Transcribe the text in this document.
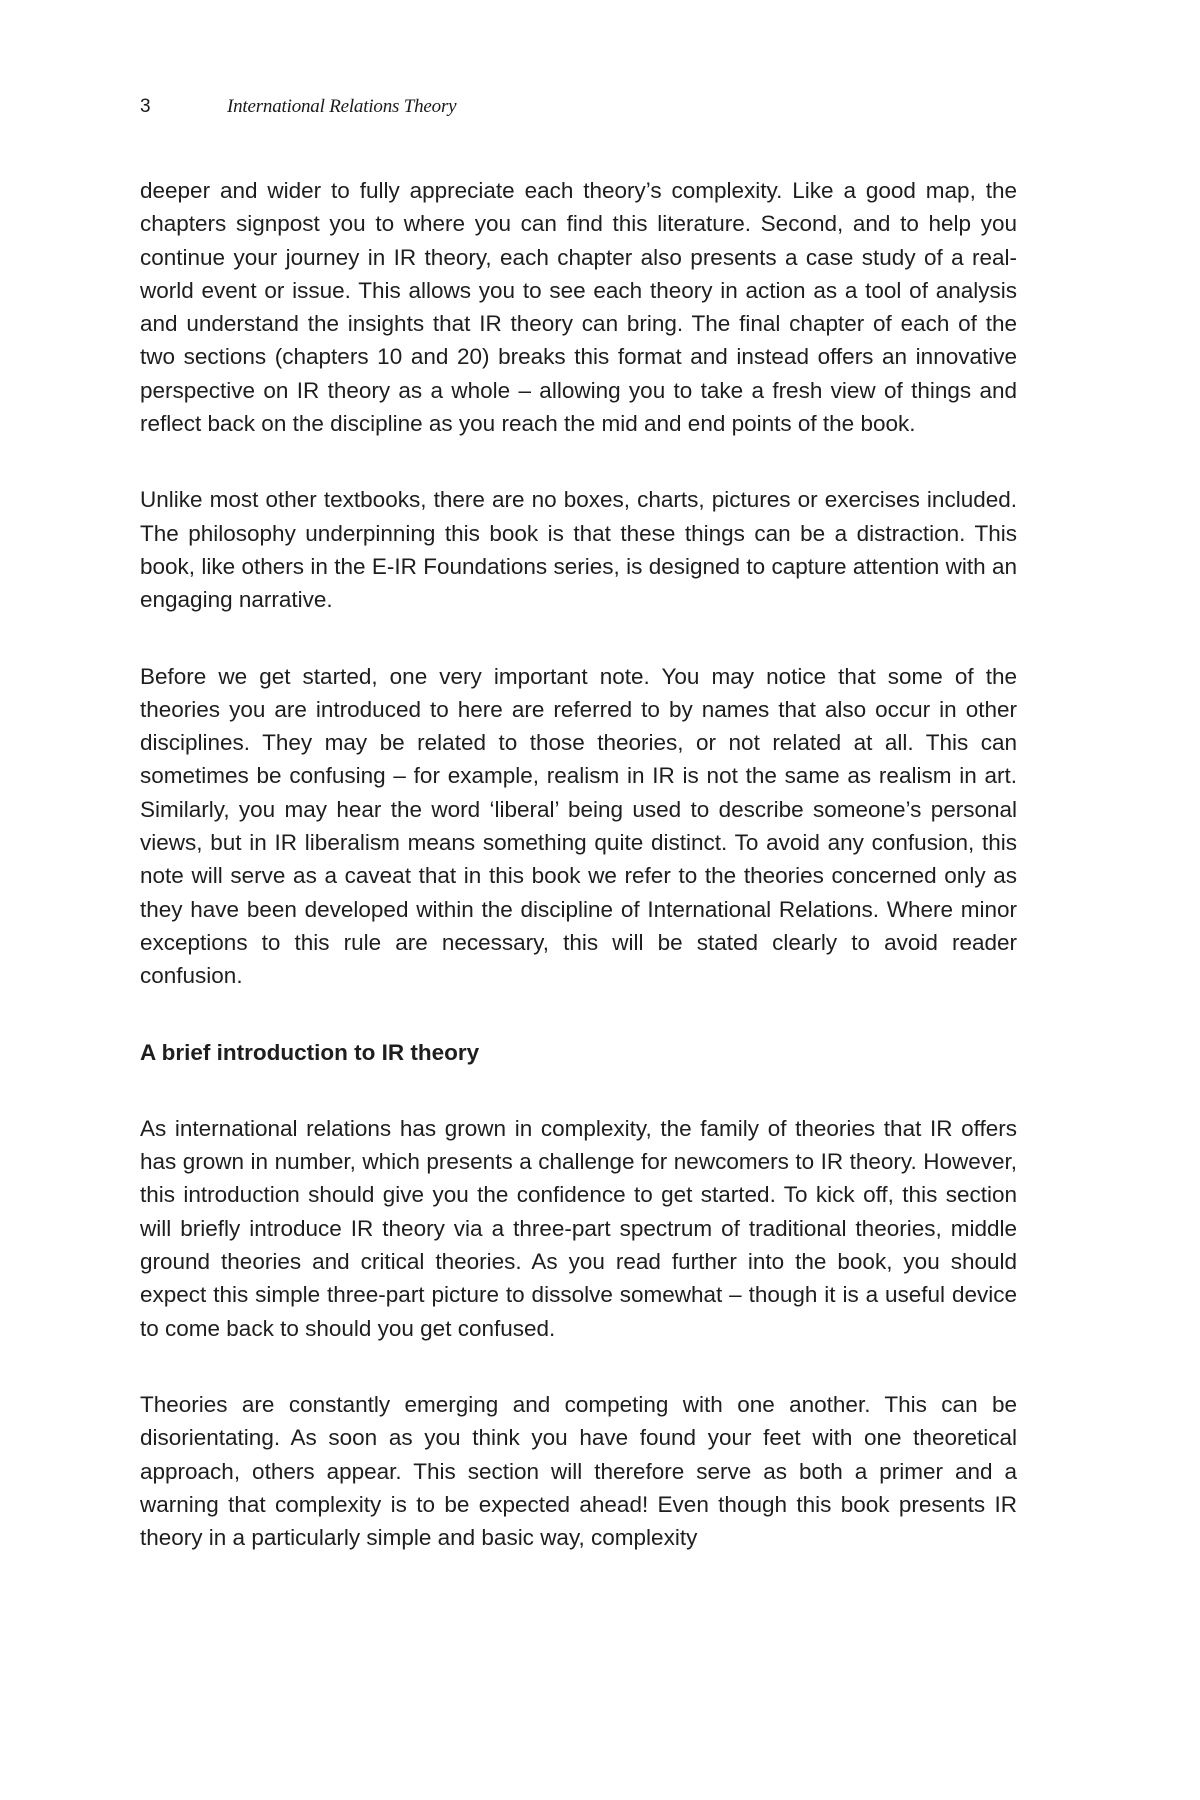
3	International Relations Theory

deeper and wider to fully appreciate each theory’s complexity. Like a good map, the chapters signpost you to where you can find this literature. Second, and to help you continue your journey in IR theory, each chapter also presents a case study of a real-world event or issue. This allows you to see each theory in action as a tool of analysis and understand the insights that IR theory can bring. The final chapter of each of the two sections (chapters 10 and 20) breaks this format and instead offers an innovative perspective on IR theory as a whole – allowing you to take a fresh view of things and reflect back on the discipline as you reach the mid and end points of the book.

Unlike most other textbooks, there are no boxes, charts, pictures or exercises included. The philosophy underpinning this book is that these things can be a distraction. This book, like others in the E-IR Foundations series, is designed to capture attention with an engaging narrative.

Before we get started, one very important note. You may notice that some of the theories you are introduced to here are referred to by names that also occur in other disciplines. They may be related to those theories, or not related at all. This can sometimes be confusing – for example, realism in IR is not the same as realism in art. Similarly, you may hear the word ‘liberal’ being used to describe someone’s personal views, but in IR liberalism means something quite distinct. To avoid any confusion, this note will serve as a caveat that in this book we refer to the theories concerned only as they have been developed within the discipline of International Relations. Where minor exceptions to this rule are necessary, this will be stated clearly to avoid reader confusion.

A brief introduction to IR theory

As international relations has grown in complexity, the family of theories that IR offers has grown in number, which presents a challenge for newcomers to IR theory. However, this introduction should give you the confidence to get started. To kick off, this section will briefly introduce IR theory via a three-part spectrum of traditional theories, middle ground theories and critical theories. As you read further into the book, you should expect this simple three-part picture to dissolve somewhat – though it is a useful device to come back to should you get confused.

Theories are constantly emerging and competing with one another. This can be disorientating. As soon as you think you have found your feet with one theoretical approach, others appear. This section will therefore serve as both a primer and a warning that complexity is to be expected ahead! Even though this book presents IR theory in a particularly simple and basic way, complexity
